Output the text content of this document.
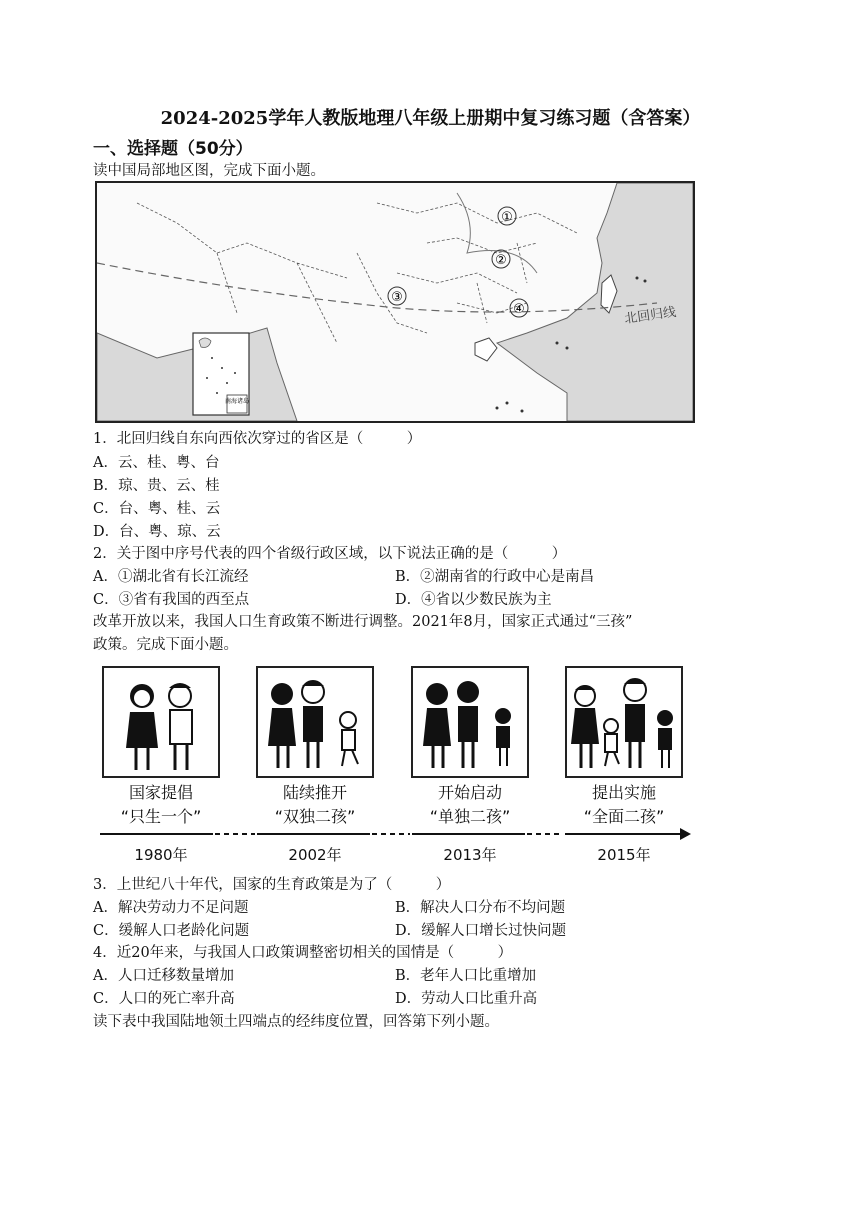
2024-2025学年人教版地理八年级上册期中复习练习题（含答案）
一、选择题（50分）
读中国局部地区图，完成下面小题。
①
②
③
④	北回归线
南海诸岛
1．北回归线自东向西依次穿过的省区是（　　　）
A．云、桂、粤、台
B．琼、贵、云、桂
C．台、粤、桂、云
D．台、粤、琼、云
2．关于图中序号代表的四个省级行政区域，以下说法正确的是（　　　）
A．①湖北省有长江流经	B．②湖南省的行政中心是南昌
C．③省有我国的西至点	D．④省以少数民族为主
改革开放以来，我国人口生育政策不断进行调整。2021年8月，国家正式通过“三孩”
政策。完成下面小题。
国家提倡
“只生一个”
陆续推开
“双独二孩”
开始启动
“单独二孩”
提出实施
“全面二孩”
1980年	2002年	2013年	2015年
3．上世纪八十年代，国家的生育政策是为了（　　　）
A．解决劳动力不足问题	B．解决人口分布不均问题
C．缓解人口老龄化问题	D．缓解人口增长过快问题
4．近20年来，与我国人口政策调整密切相关的国情是（　　　）
A．人口迁移数量增加	B．老年人口比重增加
C．人口的死亡率升高	D．劳动人口比重升高
读下表中我国陆地领土四端点的经纬度位置，回答第下列小题。
